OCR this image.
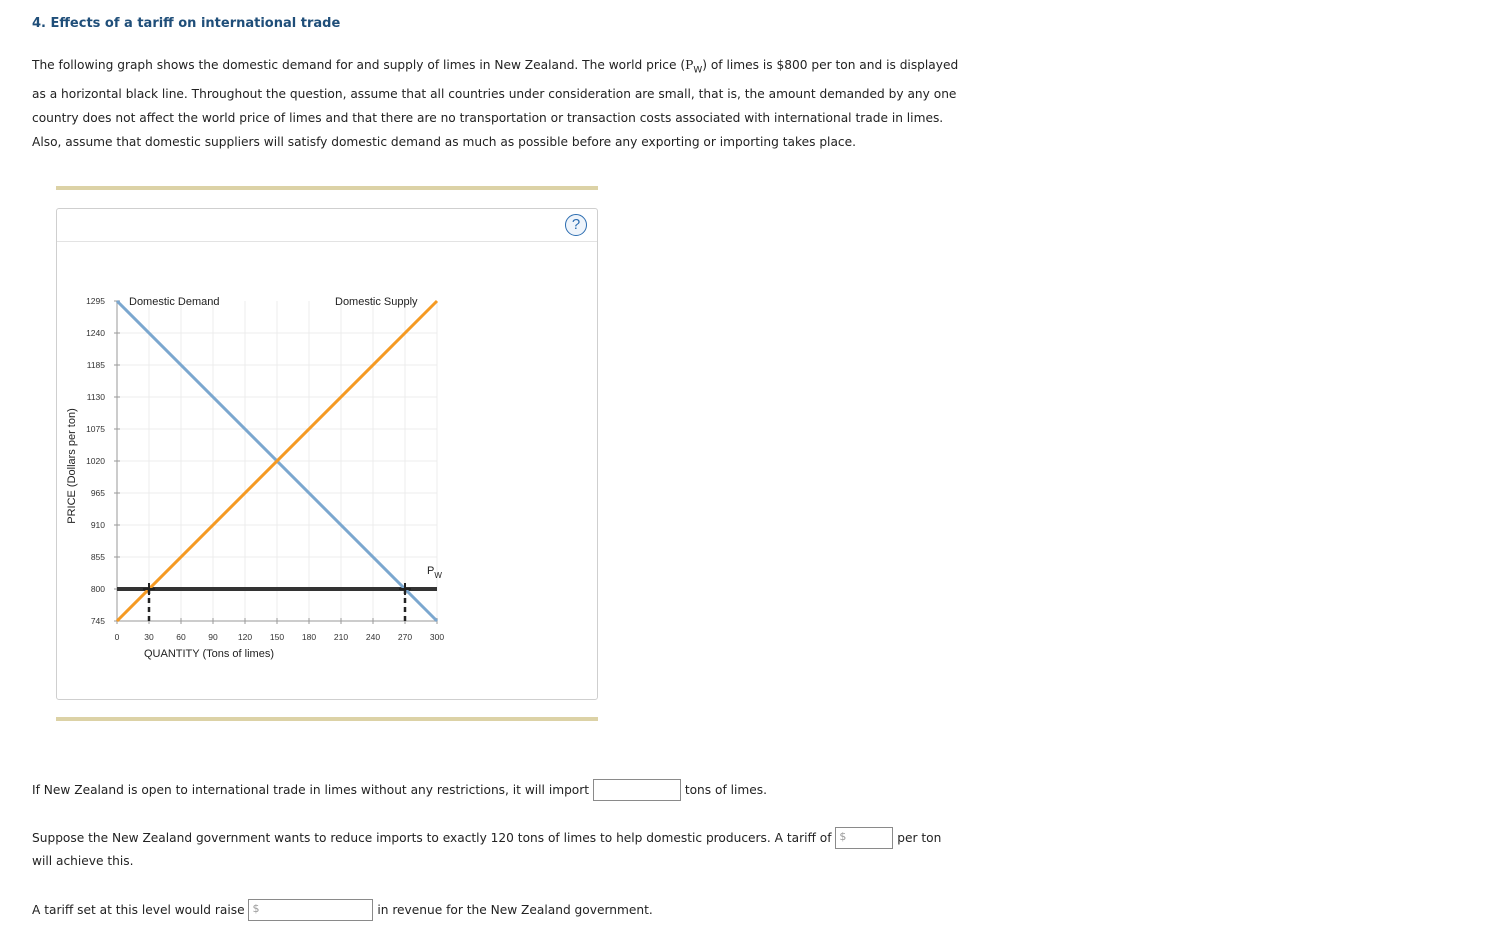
4. Effects of a tariff on international trade
The following graph shows the domestic demand for and supply of limes in New Zealand. The world price $(P_W)$ of limes is $800 per ton and is displayed as a horizontal black line. Throughout the question, assume that all countries under consideration are small, that is, the amount demanded by any one country does not affect the world price of limes and that there are no transportation or transaction costs associated with international trade in limes. Also, assume that domestic suppliers will satisfy domestic demand as much as possible before any exporting or importing takes place.
?
745
800
855
910
965
1020
1075
1130
1185
1240
1295
0	30	60	90 120 150 180 210 240 270 300
QUANTITY (Tons of limes)
PRICE (Dollars per ton)
$P_W$
Domestic Demand	Domestic Supply
If New Zealand is open to international trade in limes without any restrictions, it will import	tons of limes.
Suppose the New Zealand government wants to reduce imports to exactly 120 tons of limes to help domestic producers. A tariff of $	per ton
will achieve this.
A tariff set at this level would raise $	in revenue for the New Zealand government.
